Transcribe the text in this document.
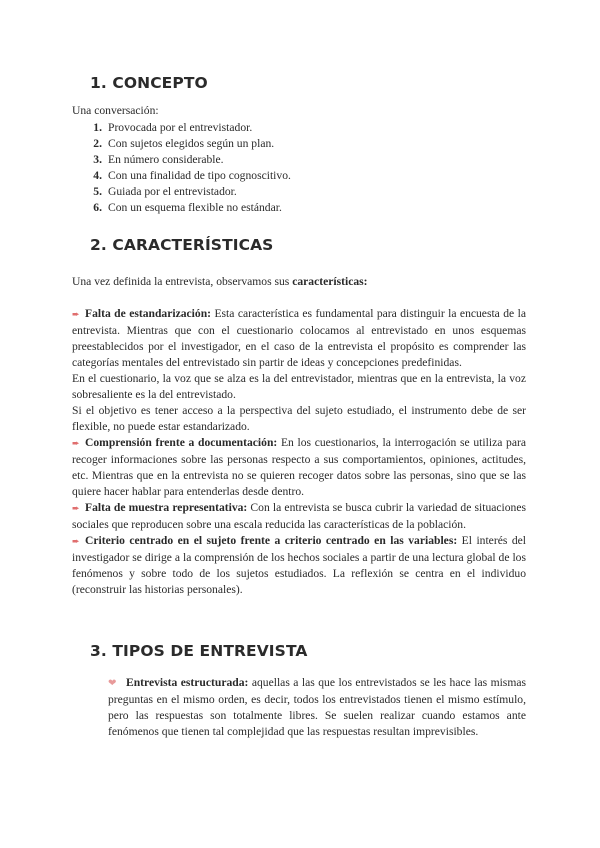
1. CONCEPTO

Una conversación:

1. Provocada por el entrevistador.
2. Con sujetos elegidos según un plan.
3. En número considerable.
4. Con una finalidad de tipo cognoscitivo.
5. Guiada por el entrevistador.
6. Con un esquema flexible no estándar.
2. CARACTERÍSTICAS

Una vez definida la entrevista, observamos sus características:

➨ Falta de estandarización: Esta característica es fundamental para distinguir la encuesta de la entrevista. Mientras que con el cuestionario colocamos al entrevistado en unos esquemas preestablecidos por el investigador, en el caso de la entrevista el propósito es comprender las categorías mentales del entrevistado sin partir de ideas y concepciones predefinidas.

En el cuestionario, la voz que se alza es la del entrevistador, mientras que en la entrevista, la voz sobresaliente es la del entrevistado.

Si el objetivo es tener acceso a la perspectiva del sujeto estudiado, el instrumento debe de ser flexible, no puede estar estandarizado.

➨ Comprensión frente a documentación: En los cuestionarios, la interrogación se utiliza para recoger informaciones sobre las personas respecto a sus comportamientos, opiniones, actitudes, etc. Mientras que en la entrevista no se quieren recoger datos sobre las personas, sino que se las quiere hacer hablar para entenderlas desde dentro.

➨ Falta de muestra representativa: Con la entrevista se busca cubrir la variedad de situaciones sociales que reproducen sobre una escala reducida las características de la población.

➨ Criterio centrado en el sujeto frente a criterio centrado en las variables: El interés del investigador se dirige a la comprensión de los hechos sociales a partir de una lectura global de los fenómenos y sobre todo de los sujetos estudiados. La reflexión se centra en el individuo (reconstruir las historias personales).

3. TIPOS DE ENTREVISTA

❤ Entrevista estructurada: aquellas a las que los entrevistados se les hace las mismas preguntas en el mismo orden, es decir, todos los entrevistados tienen el mismo estímulo, pero las respuestas son totalmente libres. Se suelen realizar cuando estamos ante fenómenos que tienen tal complejidad que las respuestas resultan imprevisibles.
